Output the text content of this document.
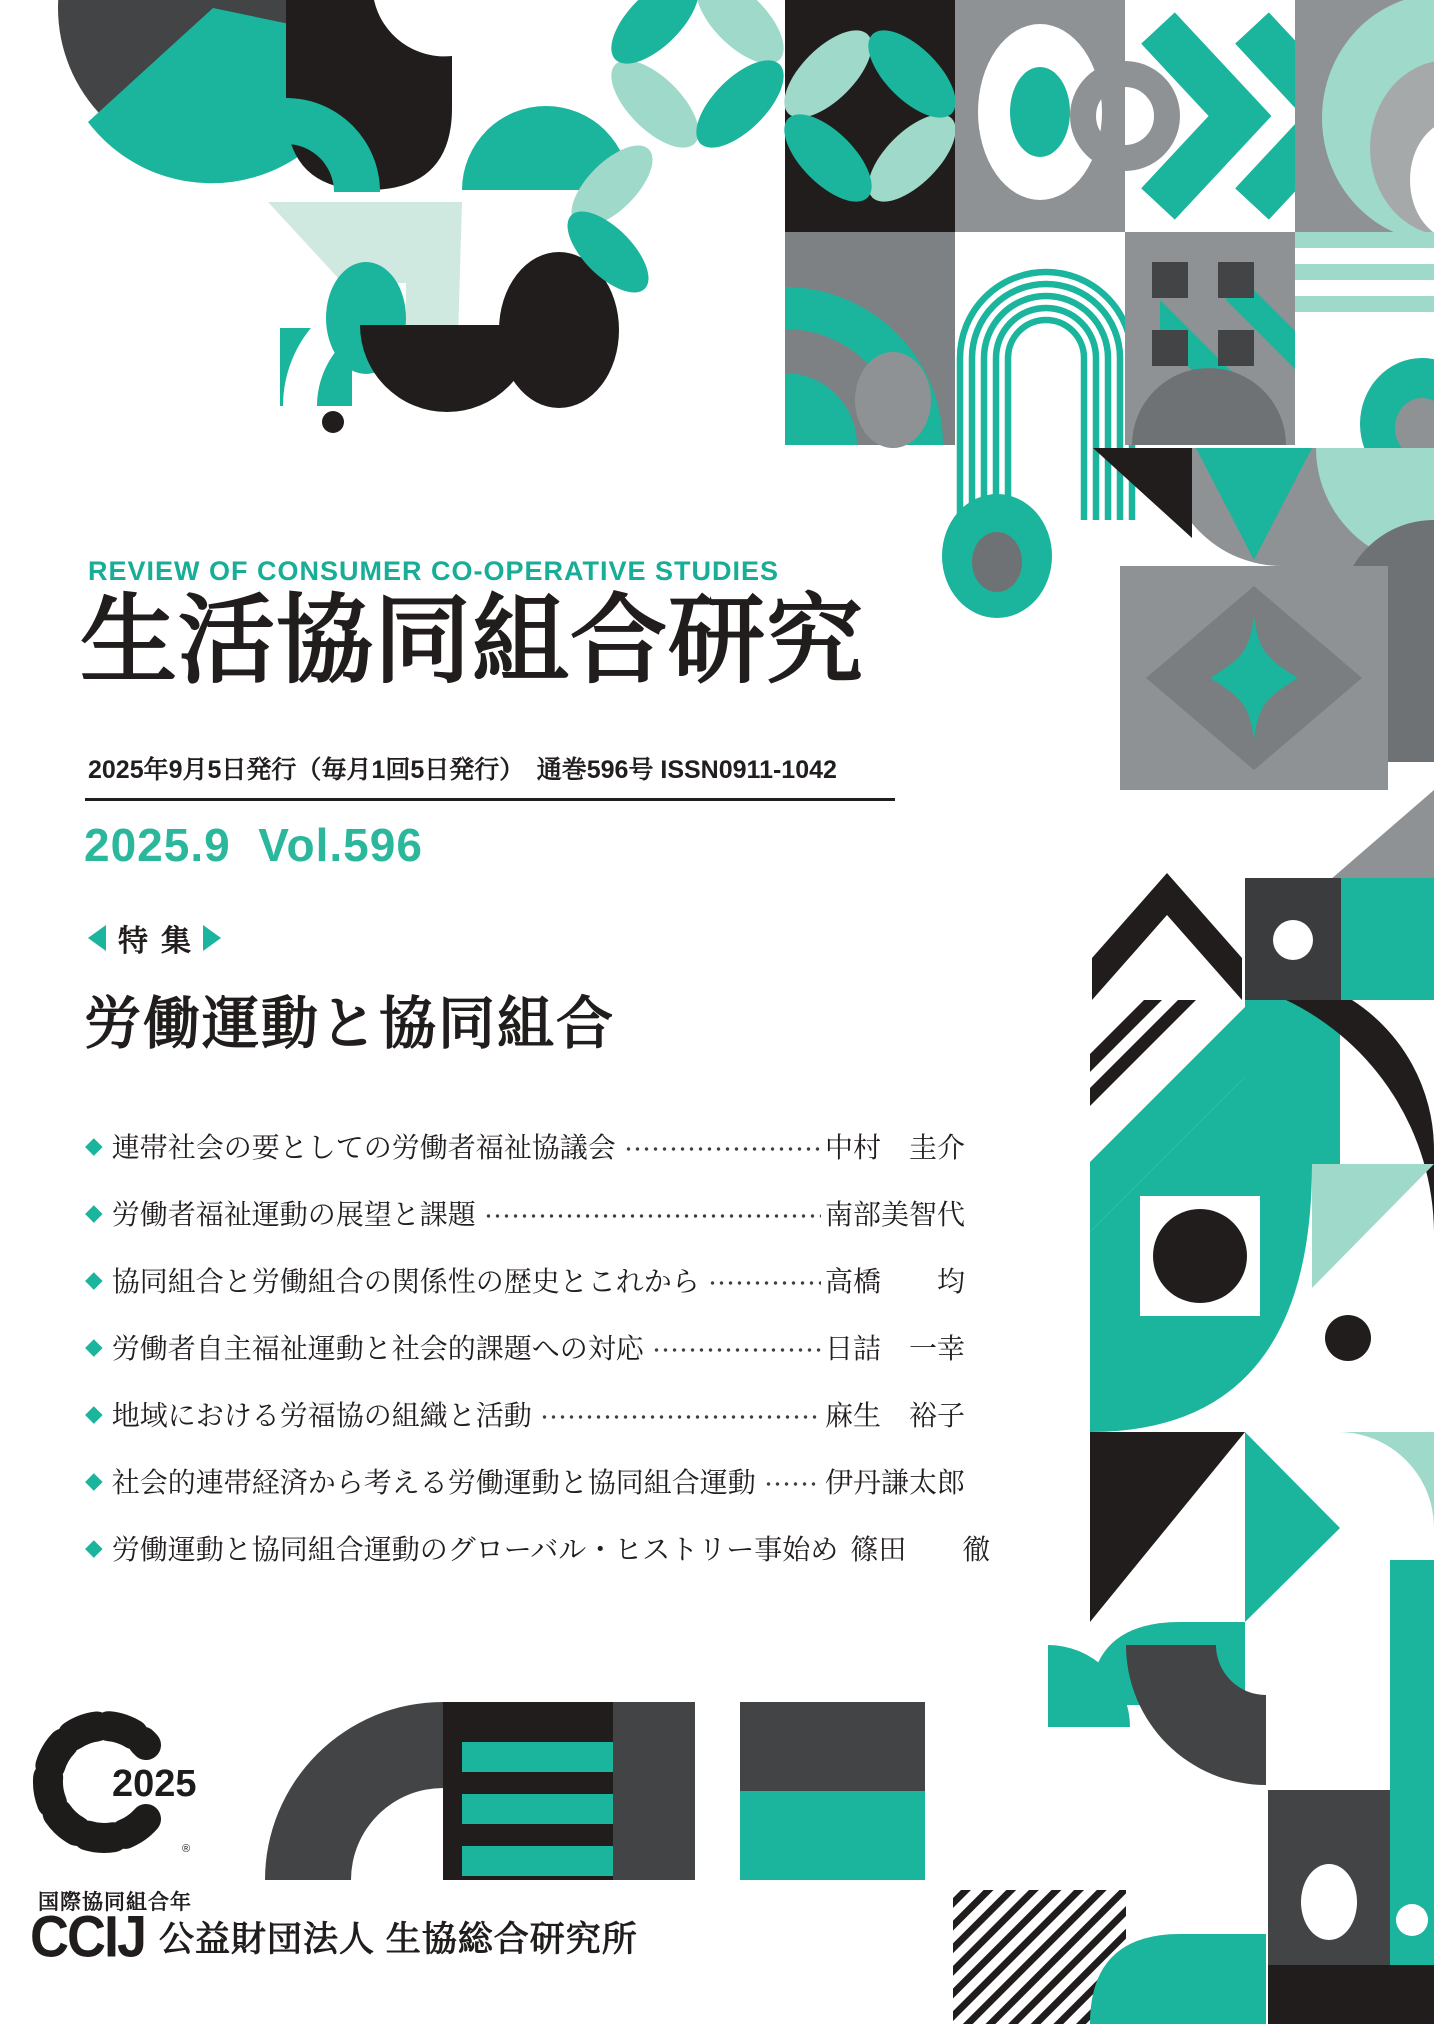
REVIEW OF CONSUMER CO-OPERATIVE STUDIES
生活協同組合研究
2025年9月5日発行（毎月1回5日発行）　通巻596号 ISSN0911-1042
2025.9  Vol.596
特集
労働運動と協同組合
◆ 連帯社会の要としての労働者福祉協議会	中村　圭介
◆ 労働者福祉運動の展望と課題	南部美智代
◆ 協同組合と労働組合の関係性の歴史とこれから	高橋　　均
◆ 労働者自主福祉運動と社会的課題への対応	日詰　一幸
◆ 地域における労福協の組織と活動	麻生　裕子
◆ 社会的連帯経済から考える労働運動と協同組合運動 伊丹謙太郎
◆ 労働運動と協同組合運動のグローバル・ヒストリー事始め 篠田　　徹
2025
®
国際協同組合年
CCIJ 公益財団法人 生協総合研究所
